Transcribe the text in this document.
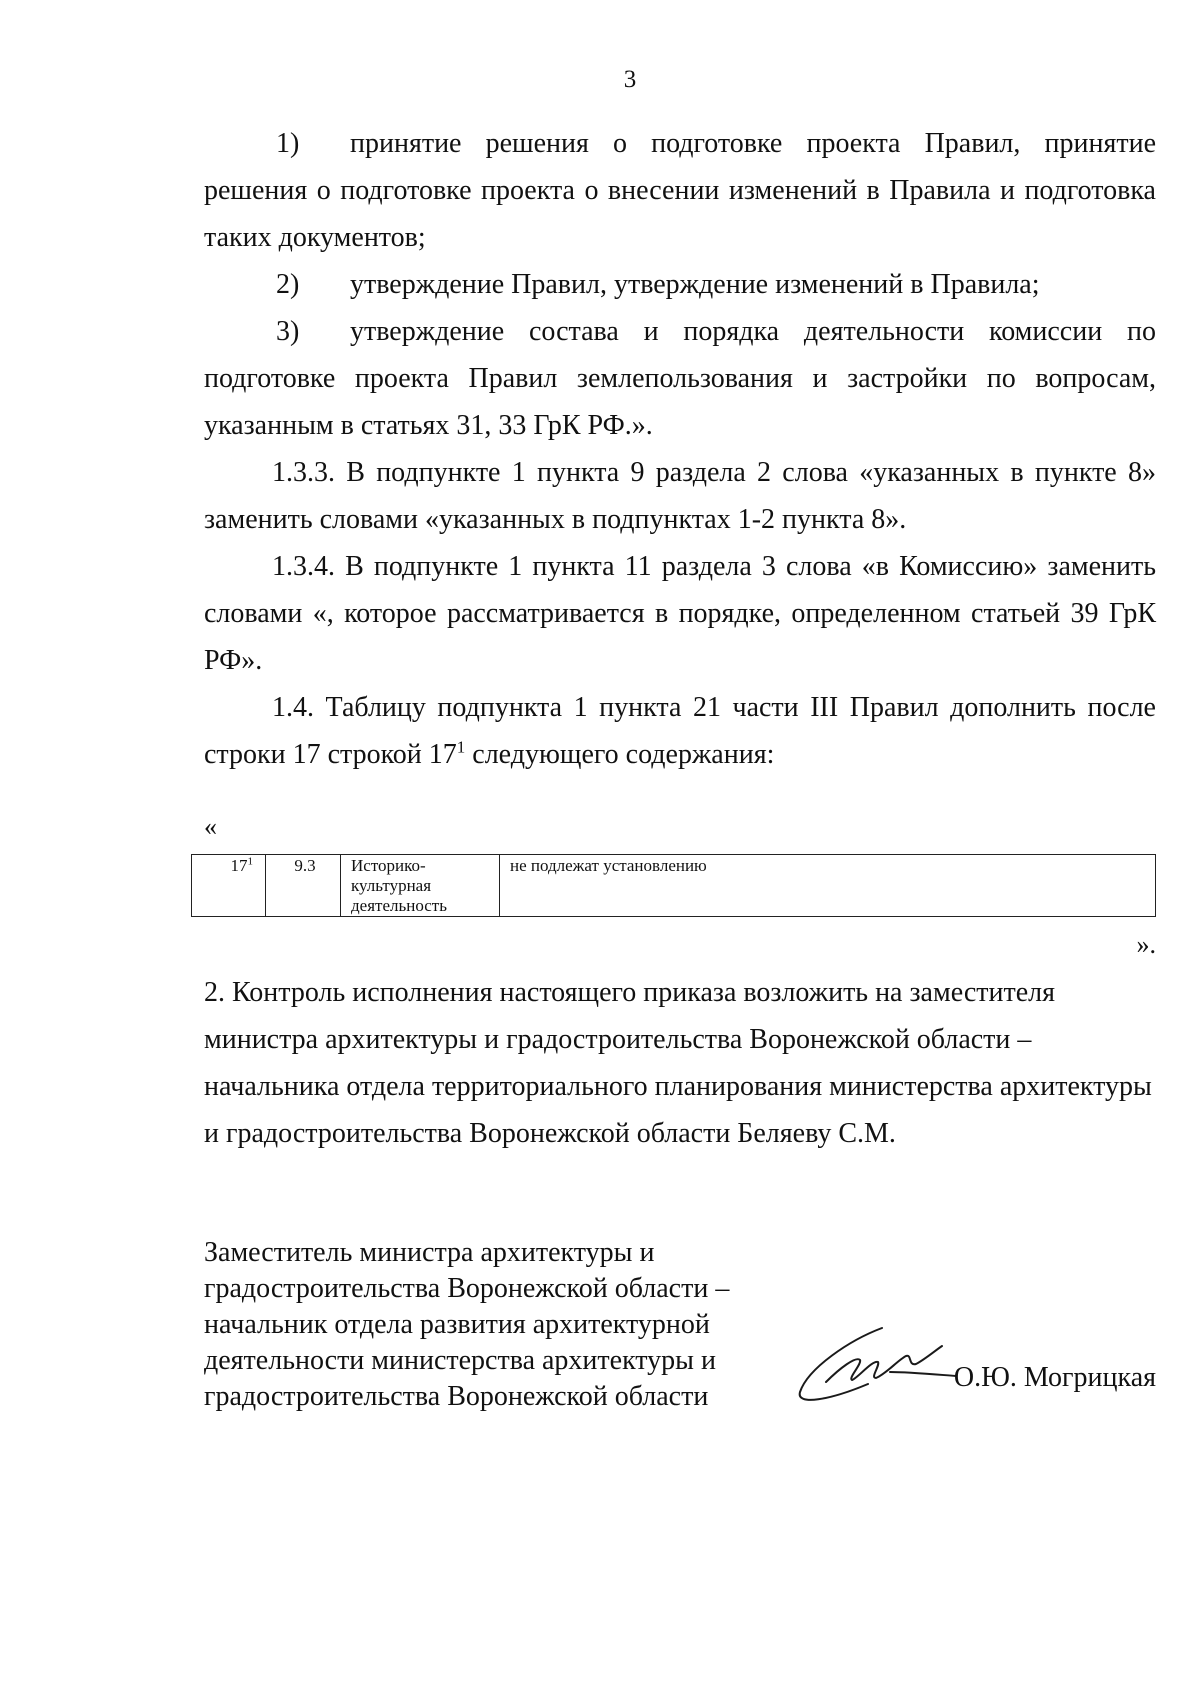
3
1)	принятие решения о подготовке проекта Правил, принятие
решения о подготовке проекта о внесении изменений в Правила и подготовка таких документов;
2)	утверждение Правил, утверждение изменений в Правила;
3)	утверждение состава и порядка деятельности комиссии по
подготовке проекта Правил землепользования и застройки по вопросам, указанным в статьях 31, 33 ГрК РФ.».

1.3.3. В подпункте 1 пункта 9 раздела 2 слова «указанных в пункте 8» заменить словами «указанных в подпунктах 1-2 пункта 8».

1.3.4. В подпункте 1 пункта 11 раздела 3 слова «в Комиссию» заменить словами «, которое рассматривается в порядке, определенном статьей 39 ГрК РФ».

1.4. Таблицу подпункта 1 пункта 21 части III Правил дополнить после строки 17 строкой $17^1$ следующего содержания:

«
$17^1$	9.3	Историко-культурная деятельность	не подлежат установлению
».

2. Контроль исполнения настоящего приказа возложить на заместителя министра архитектуры и градостроительства Воронежской области – начальника отдела территориального планирования министерства архитектуры и градостроительства Воронежской области Беляеву С.М.

Заместитель министра архитектуры и
градостроительства Воронежской области –
начальник отдела развития архитектурной
деятельности министерства архитектуры и
градостроительства Воронежской области
О.Ю. Могрицкая
